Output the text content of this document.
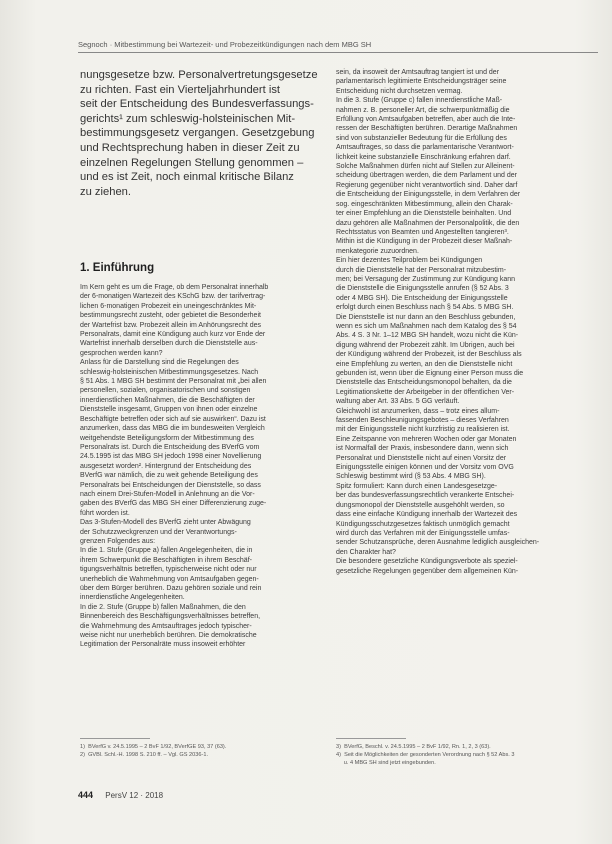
Segnoch · Mitbestimmung bei Wartezeit- und Probezeitkündigungen nach dem MBG SH
nungsgesetze bzw. Personalvertretungsgesetze
zu richten. Fast ein Vierteljahrhundert ist
seit der Entscheidung des Bundesverfassungs-
gerichts¹ zum schleswig-holsteinischen Mit-
bestimmungsgesetz vergangen. Gesetzgebung
und Rechtsprechung haben in dieser Zeit zu
einzelnen Regelungen Stellung genommen –
und es ist Zeit, noch einmal kritische Bilanz
zu ziehen.
1. Einführung
Im Kern geht es um die Frage, ob dem Personalrat innerhalb
der 6-monatigen Wartezeit des KSchG bzw. der tarifvertrag-
lichen 6-monatigen Probezeit ein uneingeschränktes Mit-
bestimmungsrecht zusteht, oder gebietet die Besonderheit
der Wartefrist bzw. Probezeit allein im Anhörungsrecht des
Personalrats, damit eine Kündigung auch kurz vor Ende der
Wartefrist innerhalb derselben durch die Dienststelle aus-
gesprochen werden kann?
Anlass für die Darstellung sind die Regelungen des
schleswig-holsteinischen Mitbestimmungsgesetzes. Nach
§ 51 Abs. 1 MBG SH bestimmt der Personalrat mit „bei allen
personellen, sozialen, organisatorischen und sonstigen
innerdienstlichen Maßnahmen, die die Beschäftigten der
Dienststelle insgesamt, Gruppen von ihnen oder einzelne
Beschäftigte betreffen oder sich auf sie auswirken“. Dazu ist
anzumerken, dass das MBG die im bundesweiten Vergleich
weitgehendste Beteiligungsform der Mitbestimmung des
Personalrats ist. Durch die Entscheidung des BVerfG vom
24.5.1995 ist das MBG SH jedoch 1998 einer Novellierung
ausgesetzt worden². Hintergrund der Entscheidung des
BVerfG war nämlich, die zu weit gehende Beteiligung des
Personalrats bei Entscheidungen der Dienststelle, so dass
nach einem Drei-Stufen-Modell in Anlehnung an die Vor-
gaben des BVerfG das MBG SH einer Differenzierung zuge-
führt worden ist.
Das 3-Stufen-Modell des BVerfG zieht unter Abwägung
der Schutzzweckgrenzen und der Verantwortungs-
grenzen Folgendes aus:
In die 1. Stufe (Gruppe a) fallen Angelegenheiten, die in
ihrem Schwerpunkt die Beschäftigten in ihrem Beschäf-
tigungsverhältnis betreffen, typischerweise nicht oder nur
unerheblich die Wahrnehmung von Amtsaufgaben gegen-
über dem Bürger berühren. Dazu gehören soziale und rein
innerdienstliche Angelegenheiten.
In die 2. Stufe (Gruppe b) fallen Maßnahmen, die den
Binnenbereich des Beschäftigungsverhältnisses betreffen,
die Wahrnehmung des Amtsauftrages jedoch typischer-
weise nicht nur unerheblich berühren. Die demokratische
Legitimation der Personalräte muss insoweit erhöhter
sein, da insoweit der Amtsauftrag tangiert ist und der
parlamentarisch legitimierte Entscheidungsträger seine
Entscheidung nicht durchsetzen vermag.
In die 3. Stufe (Gruppe c) fallen innerdienstliche Maß-
nahmen z. B. personeller Art, die schwerpunktmäßig die
Erfüllung von Amtsaufgaben betreffen, aber auch die Inte-
ressen der Beschäftigten berühren. Derartige Maßnahmen
sind von substanzieller Bedeutung für die Erfüllung des
Amtsauftrages, so dass die parlamentarische Verantwort-
lichkeit keine substanzielle Einschränkung erfahren darf.
Solche Maßnahmen dürfen nicht auf Stellen zur Alleinent-
scheidung übertragen werden, die dem Parlament und der
Regierung gegenüber nicht verantwortlich sind. Daher darf
die Entscheidung der Einigungsstelle, in dem Verfahren der
sog. eingeschränkten Mitbestimmung, allein den Charak-
ter einer Empfehlung an die Dienststelle beinhalten. Und
dazu gehören alle Maßnahmen der Personalpolitik, die den
Rechtsstatus von Beamten und Angestellten tangieren³.
Mithin ist die Kündigung in der Probezeit dieser Maßnah-
menkategorie zuzuordnen.
Ein hier dezentes Teilproblem bei Kündigungen
durch die Dienststelle hat der Personalrat mitzubestim-
men; bei Versagung der Zustimmung zur Kündigung kann
die Dienststelle die Einigungsstelle anrufen (§ 52 Abs. 3
oder 4 MBG SH). Die Entscheidung der Einigungsstelle
erfolgt durch einen Beschluss nach § 54 Abs. 5 MBG SH.
Die Dienststelle ist nur dann an den Beschluss gebunden,
wenn es sich um Maßnahmen nach dem Katalog des § 54
Abs. 4 S. 3 Nr. 1–12 MBG SH handelt, wozu nicht die Kün-
digung während der Probezeit zählt. Im Übrigen, auch bei
der Kündigung während der Probezeit, ist der Beschluss als
eine Empfehlung zu werten, an den die Dienststelle nicht
gebunden ist, wenn über die Eignung einer Person muss die
Dienststelle das Entscheidungsmonopol behalten, da die
Legitimationskette der Arbeitgeber in der öffentlichen Ver-
waltung aber Art. 33 Abs. 5 GG verläuft.
Gleichwohl ist anzumerken, dass – trotz eines allum-
fassenden Beschleunigungsgebotes – dieses Verfahren
mit der Einigungsstelle nicht kurzfristig zu realisieren ist.
Eine Zeitspanne von mehreren Wochen oder gar Monaten
ist Normalfall der Praxis, insbesondere dann, wenn sich
Personalrat und Dienststelle nicht auf einen Vorsitz der
Einigungsstelle einigen können und der Vorsitz vom OVG
Schleswig bestimmt wird (§ 53 Abs. 4 MBG SH).
Spitz formuliert: Kann durch einen Landesgesetzge-
ber das bundesverfassungsrechtlich verankerte Entschei-
dungsmonopol der Dienststelle ausgehöhlt werden, so
dass eine einfache Kündigung innerhalb der Wartezeit des
Kündigungsschutzgesetzes faktisch unmöglich gemacht
wird durch das Verfahren mit der Einigungsstelle umfas-
sender Schutzansprüche, deren Ausnahme lediglich ausgleichen-
den Charakter hat?
Die besondere gesetzliche Kündigungsverbote als speziel-
gesetzliche Regelungen gegenüber dem allgemeinen Kün-
1)  BVerfG v. 24.5.1995 – 2 BvF 1/92, BVerfGE 93, 37 (63).
2)  GVBl. Schl.-H. 1998 S. 210 ff. – Vgl. GS 2036-1.
3)  BVerfG, Beschl. v. 24.5.1995 – 2 BvF 1/92, Rn. 1, 2, 3 (63).
4)  Seit die Möglichkeiten der gesonderten Verordnung nach § 52 Abs. 3
u. 4 MBG SH sind jetzt eingebunden.
444 PersV 12 · 2018
